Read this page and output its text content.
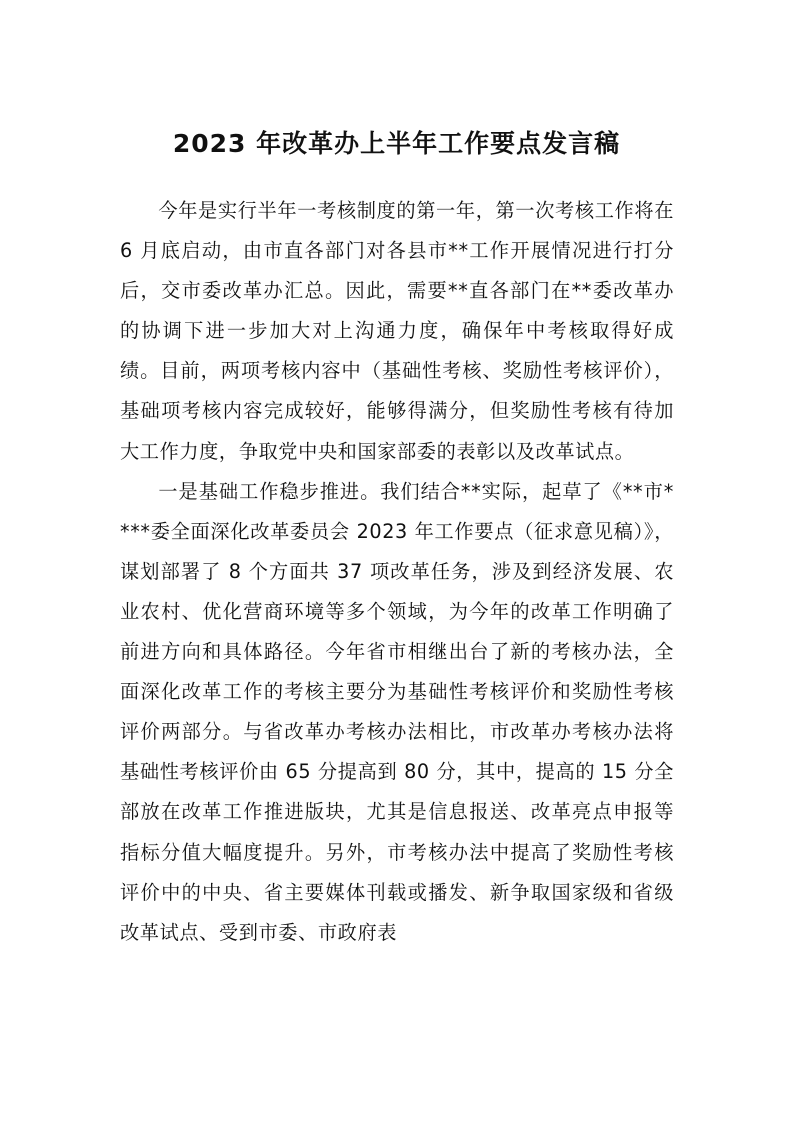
2023 年改革办上半年工作要点发言稿

今年是实行半年一考核制度的第一年，第一次考核工作将在 6 月底启动，由市直各部门对各县市**工作开展情况进行打分后，交市委改革办汇总。因此，需要**直各部门在**委改革办的协调下进一步加大对上沟通力度，确保年中考核取得好成绩。目前，两项考核内容中（基础性考核、奖励性考核评价），基础项考核内容完成较好，能够得满分，但奖励性考核有待加大工作力度，争取党中央和国家部委的表彰以及改革试点。

一是基础工作稳步推进。我们结合**实际，起草了《**市****委全面深化改革委员会 2023 年工作要点（征求意见稿）》，谋划部署了 8 个方面共 37 项改革任务，涉及到经济发展、农业农村、优化营商环境等多个领域，为今年的改革工作明确了前进方向和具体路径。今年省市相继出台了新的考核办法，全面深化改革工作的考核主要分为基础性考核评价和奖励性考核评价两部分。与省改革办考核办法相比，市改革办考核办法将基础性考核评价由 65 分提高到 80 分，其中，提高的 15 分全部放在改革工作推进版块，尤其是信息报送、改革亮点申报等指标分值大幅度提升。另外，市考核办法中提高了奖励性考核评价中的中央、省主要媒体刊载或播发、新争取国家级和省级改革试点、受到市委、市政府表
